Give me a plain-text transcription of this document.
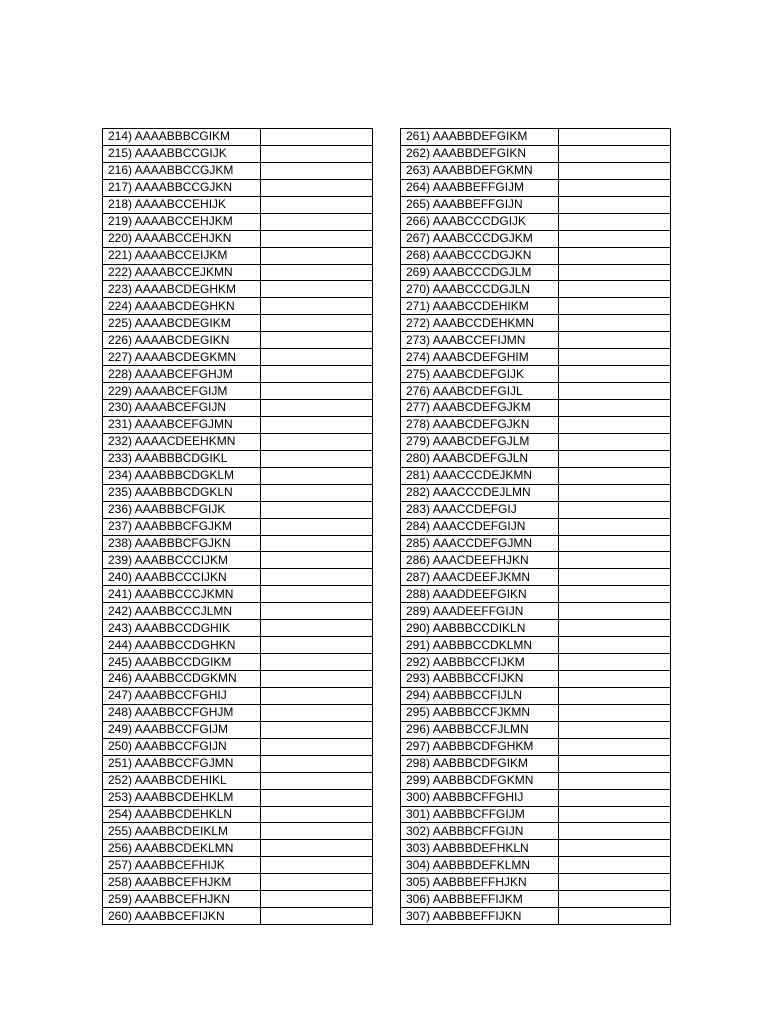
214) AAAABBBCGIKM	
215) AAAABBCCGIJK	
216) AAAABBCCGJKM	
217) AAAABBCCGJKN	
218) AAAABCCEHIJK	
219) AAAABCCEHJKM	
220) AAAABCCEHJKN	
221) AAAABCCEIJKM	
222) AAAABCCEJKMN	
223) AAAABCDEGHKM	
224) AAAABCDEGHKN	
225) AAAABCDEGIKM	
226) AAAABCDEGIKN	
227) AAAABCDEGKMN	
228) AAAABCEFGHJM	
229) AAAABCEFGIJM	
230) AAAABCEFGIJN	
231) AAAABCEFGJMN	
232) AAAACDEEHKMN	
233) AAABBBCDGIKL	
234) AAABBBCDGKLM	
235) AAABBBCDGKLN	
236) AAABBBCFGIJK	
237) AAABBBCFGJKM	
238) AAABBBCFGJKN	
239) AAABBCCCIJKM	
240) AAABBCCCIJKN	
241) AAABBCCCJKMN	
242) AAABBCCCJLMN	
243) AAABBCCDGHIK	
244) AAABBCCDGHKN	
245) AAABBCCDGIKM	
246) AAABBCCDGKMN	
247) AAABBCCFGHIJ	
248) AAABBCCFGHJM	
249) AAABBCCFGIJM	
250) AAABBCCFGIJN	
251) AAABBCCFGJMN	
252) AAABBCDEHIKL	
253) AAABBCDEHKLM	
254) AAABBCDEHKLN	
255) AAABBCDEIKLM	
256) AAABBCDEKLMN	
257) AAABBCEFHIJK	
258) AAABBCEFHJKM	
259) AAABBCEFHJKN	
260) AAABBCEFIJKN	
261) AAABBDEFGIKM	
262) AAABBDEFGIKN	
263) AAABBDEFGKMN	
264) AAABBEFFGIJM	
265) AAABBEFFGIJN	
266) AAABCCCDGIJK	
267) AAABCCCDGJKM	
268) AAABCCCDGJKN	
269) AAABCCCDGJLM	
270) AAABCCCDGJLN	
271) AAABCCDEHIKM	
272) AAABCCDEHKMN	
273) AAABCCEFIJMN	
274) AAABCDEFGHIM	
275) AAABCDEFGIJK	
276) AAABCDEFGIJL	
277) AAABCDEFGJKM	
278) AAABCDEFGJKN	
279) AAABCDEFGJLM	
280) AAABCDEFGJLN	
281) AAACCCDEJKMN	
282) AAACCCDEJLMN	
283) AAACCDEFGIJ	
284) AAACCDEFGIJN	
285) AAACCDEFGJMN	
286) AAACDEEFHJKN	
287) AAACDEEFJKMN	
288) AAADDEEFGIKN	
289) AAADEEFFGIJN	
290) AABBBCCDIKLN	
291) AABBBCCDKLMN	
292) AABBBCCFIJKM	
293) AABBBCCFIJKN	
294) AABBBCCFIJLN	
295) AABBBCCFJKMN	
296) AABBBCCFJLMN	
297) AABBBCDFGHKM	
298) AABBBCDFGIKM	
299) AABBBCDFGKMN	
300) AABBBCFFGHIJ	
301) AABBBCFFGIJM	
302) AABBBCFFGIJN	
303) AABBBDEFHKLN	
304) AABBBDEFKLMN	
305) AABBBEFFHJKN	
306) AABBBEFFIJKM	
307) AABBBEFFIJKN	
